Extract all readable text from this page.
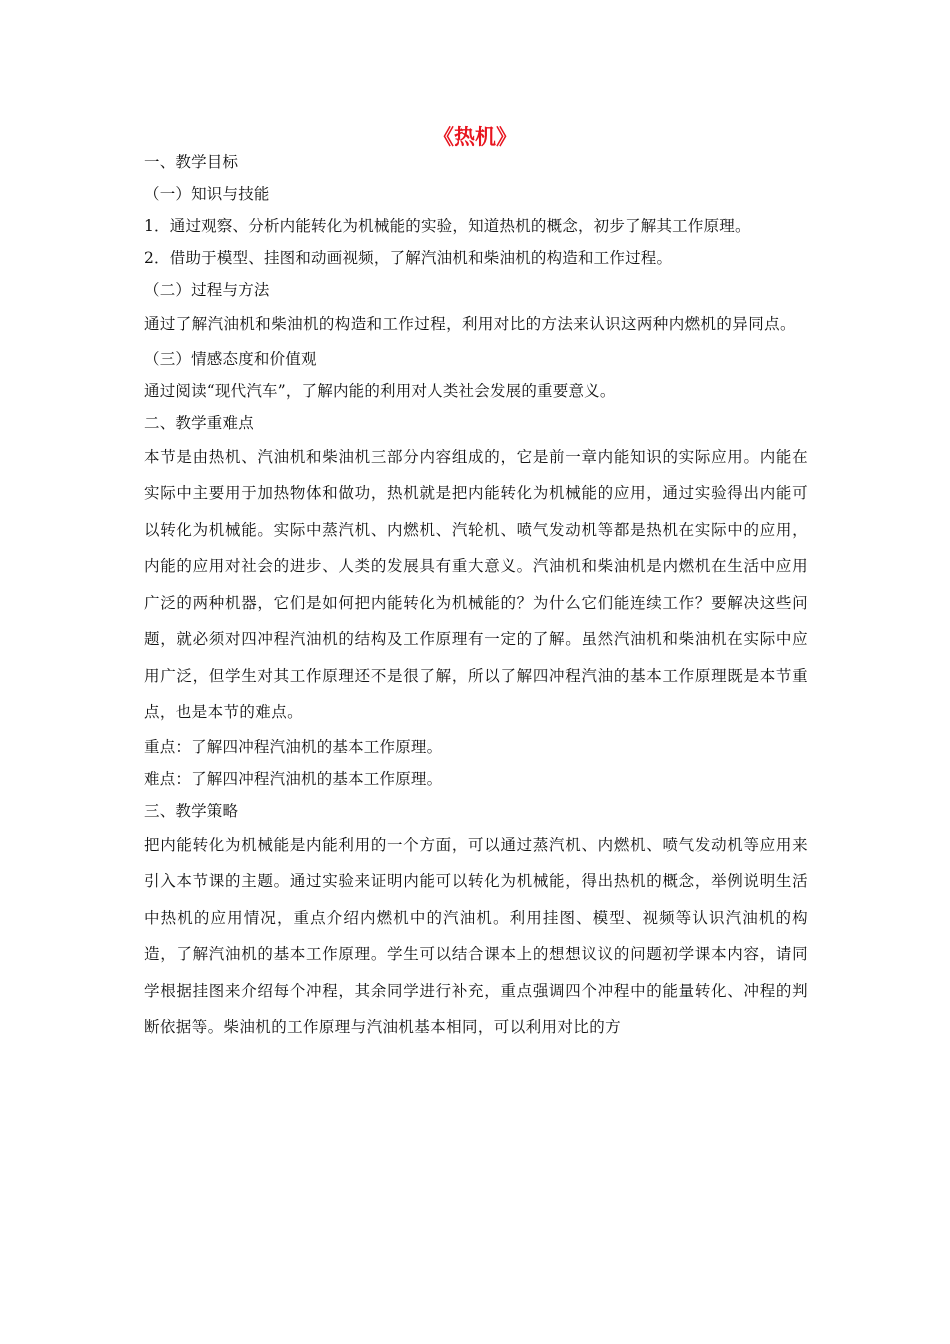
《热机》
一、教学目标
（一）知识与技能
1．通过观察、分析内能转化为机械能的实验，知道热机的概念，初步了解其工作原理。
2．借助于模型、挂图和动画视频，了解汽油机和柴油机的构造和工作过程。
（二）过程与方法
通过了解汽油机和柴油机的构造和工作过程，利用对比的方法来认识这两种内燃机的异同点。
（三）情感态度和价值观
通过阅读“现代汽车”，了解内能的利用对人类社会发展的重要意义。
二、教学重难点
本节是由热机、汽油机和柴油机三部分内容组成的，它是前一章内能知识的实际应用。内能在实际中主要用于加热物体和做功，热机就是把内能转化为机械能的应用，通过实验得出内能可以转化为机械能。实际中蒸汽机、内燃机、汽轮机、喷气发动机等都是热机在实际中的应用，内能的应用对社会的进步、人类的发展具有重大意义。汽油机和柴油机是内燃机在生活中应用广泛的两种机器，它们是如何把内能转化为机械能的？为什么它们能连续工作？要解决这些问题，就必须对四冲程汽油机的结构及工作原理有一定的了解。虽然汽油机和柴油机在实际中应用广泛，但学生对其工作原理还不是很了解，所以了解四冲程汽油的基本工作原理既是本节重点，也是本节的难点。
重点：了解四冲程汽油机的基本工作原理。
难点：了解四冲程汽油机的基本工作原理。
三、教学策略
把内能转化为机械能是内能利用的一个方面，可以通过蒸汽机、内燃机、喷气发动机等应用来引入本节课的主题。通过实验来证明内能可以转化为机械能，得出热机的概念，举例说明生活中热机的应用情况，重点介绍内燃机中的汽油机。利用挂图、模型、视频等认识汽油机的构造，了解汽油机的基本工作原理。学生可以结合课本上的想想议议的问题初学课本内容，请同学根据挂图来介绍每个冲程，其余同学进行补充，重点强调四个冲程中的能量转化、冲程的判断依据等。柴油机的工作原理与汽油机基本相同，可以利用对比的方
